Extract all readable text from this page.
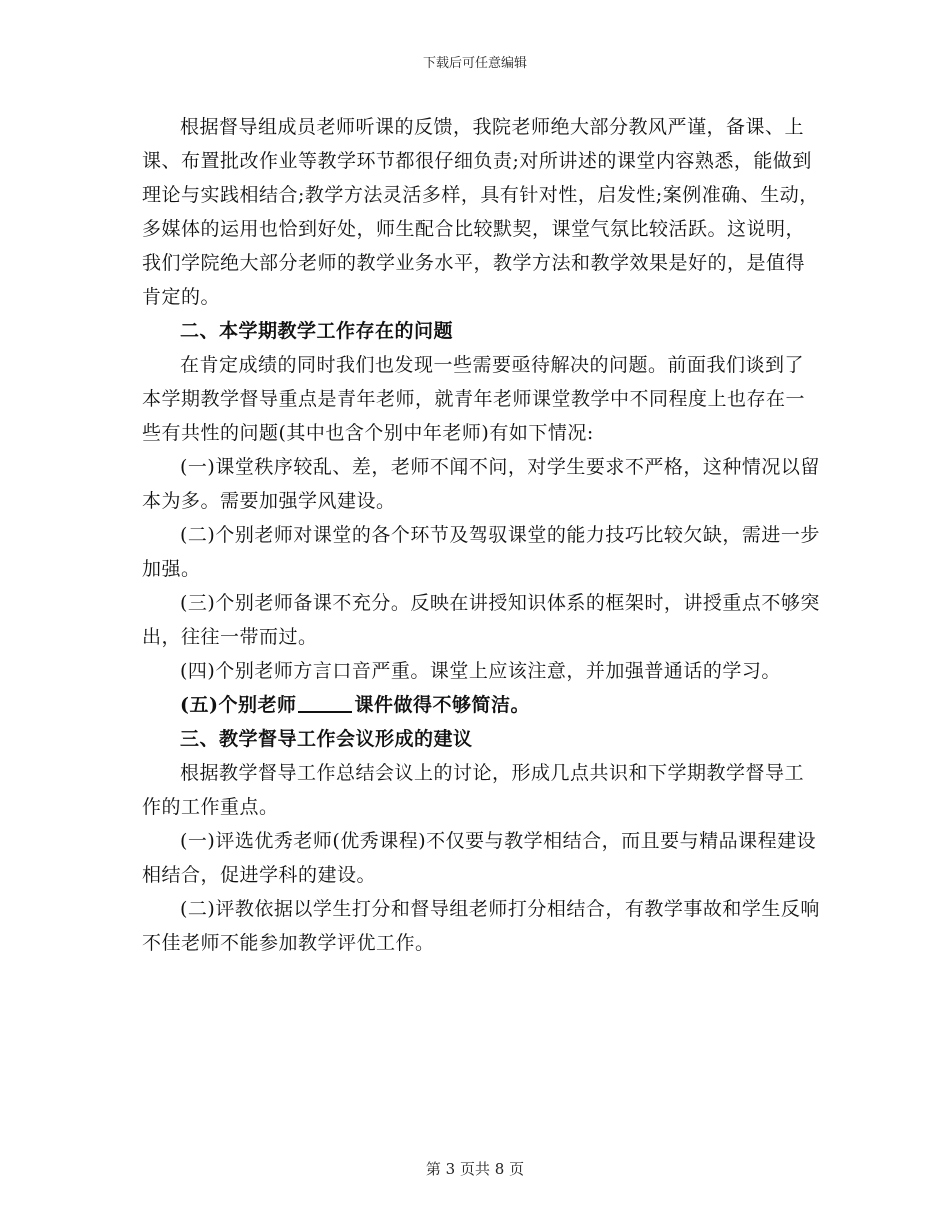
下载后可任意编辑

根据督导组成员老师听课的反馈，我院老师绝大部分教风严谨，备课、上课、布置批改作业等教学环节都很仔细负责;对所讲述的课堂内容熟悉，能做到理论与实践相结合;教学方法灵活多样，具有针对性，启发性;案例准确、生动，多媒体的运用也恰到好处，师生配合比较默契，课堂气氛比较活跃。这说明，我们学院绝大部分老师的教学业务水平，教学方法和教学效果是好的，是值得肯定的。

二、本学期教学工作存在的问题

在肯定成绩的同时我们也发现一些需要亟待解决的问题。前面我们谈到了本学期教学督导重点是青年老师，就青年老师课堂教学中不同程度上也存在一些有共性的问题(其中也含个别中年老师)有如下情况:

(一)课堂秩序较乱、差，老师不闻不问，对学生要求不严格，这种情况以留本为多。需要加强学风建设。

(二)个别老师对课堂的各个环节及驾驭课堂的能力技巧比较欠缺，需进一步加强。

(三)个别老师备课不充分。反映在讲授知识体系的框架时，讲授重点不够突出，往往一带而过。

(四)个别老师方言口音严重。课堂上应该注意，并加强普通话的学习。

(五)个别老师	课件做得不够简洁。

三、教学督导工作会议形成的建议

根据教学督导工作总结会议上的讨论，形成几点共识和下学期教学督导工作的工作重点。

(一)评选优秀老师(优秀课程)不仅要与教学相结合，而且要与精品课程建设相结合，促进学科的建设。

(二)评教依据以学生打分和督导组老师打分相结合，有教学事故和学生反响不佳老师不能参加教学评优工作。

第 3 页共 8 页
